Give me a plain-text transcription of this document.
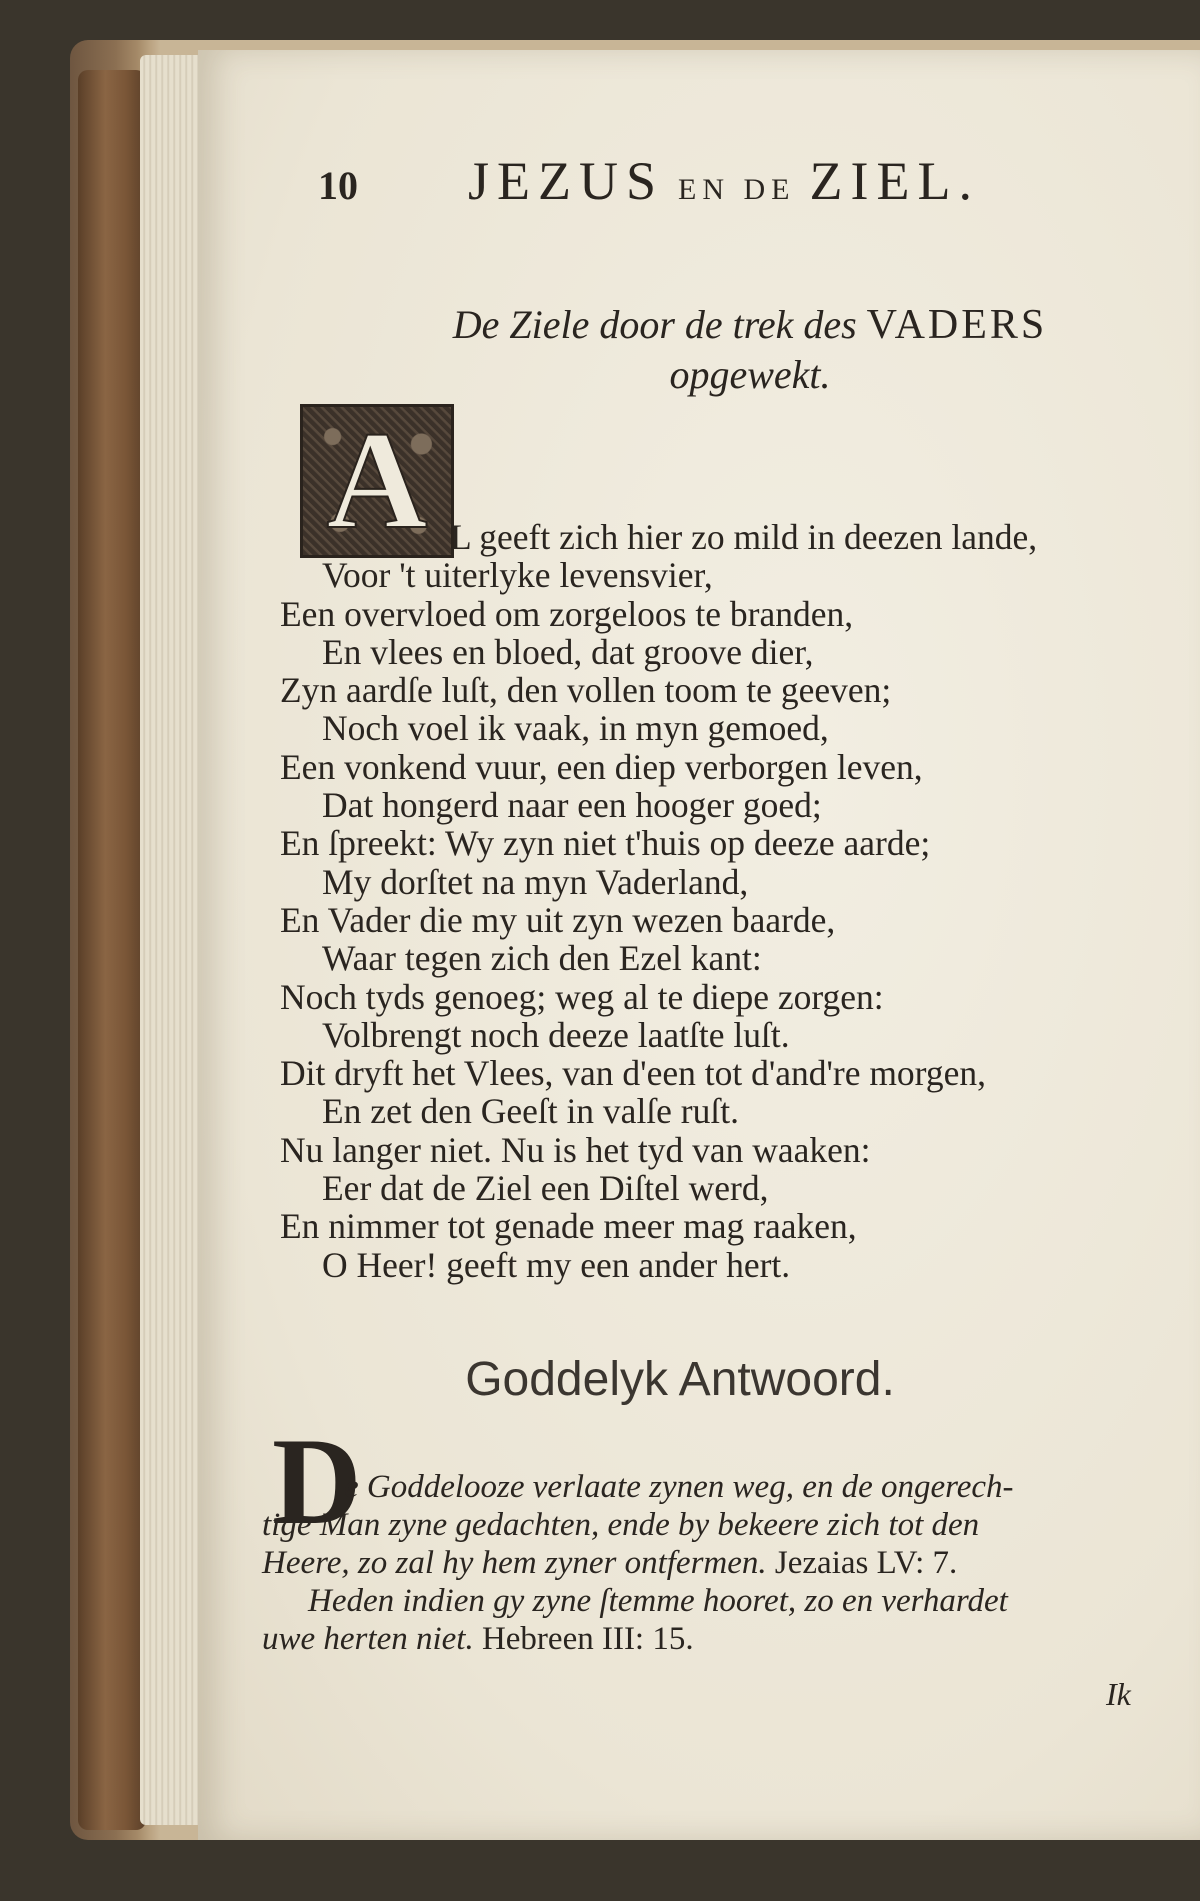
10	JEZUS EN DE ZIEL.
De Ziele door de trek des VADERS
opgewekt.
A L geeft zich hier zo mild in deezen lande,
Voor 't uiterlyke levensvier,
Een overvloed om zorgeloos te branden,
En vlees en bloed, dat groove dier,
Zyn aardſe luſt, den vollen toom te geeven;
Noch voel ik vaak, in myn gemoed,
Een vonkend vuur, een diep verborgen leven,
Dat hongerd naar een hooger goed;
En ſpreekt: Wy zyn niet t'huis op deeze aarde;
My dorſtet na myn Vaderland,
En Vader die my uit zyn wezen baarde,
Waar tegen zich den Ezel kant:
Noch tyds genoeg; weg al te diepe zorgen:
Volbrengt noch deeze laatſte luſt.
Dit dryft het Vlees, van d'een tot d'and're morgen,
En zet den Geeſt in valſe ruſt.
Nu langer niet. Nu is het tyd van waaken:
Eer dat de Ziel een Diſtel werd,
En nimmer tot genade meer mag raaken,
O Heer! geeft my een ander hert.
Goddelyk Antwoord.
D
e Goddelooze verlaate zynen weg, en de ongerech-
tige Man zyne gedachten, ende by bekeere zich tot den
Heere, zo zal hy hem zyner ontfermen. Jezaias LV: 7.
Heden indien gy zyne ſtemme hooret, zo en verhardet
uwe herten niet. Hebreen III: 15.
Ik
